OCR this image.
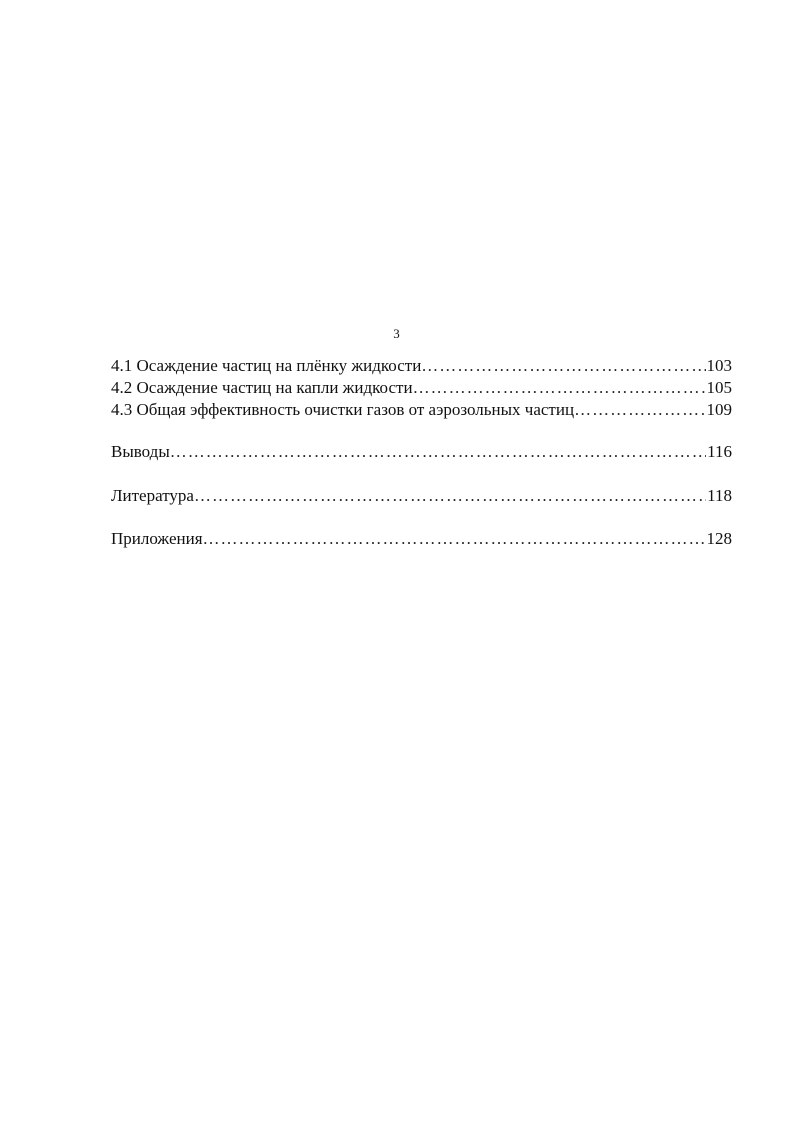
3
4.1 Осаждение частиц на плёнку жидкости …………………………………………………………………………………………………………………………………………………………………………………………	103
4.2 Осаждение частиц на капли жидкости …………………………………………………………………………………………………………………………………………………………………………………………	105
4.3 Общая эффективность очистки газов от аэрозольных частиц …………………………………………………………………………………………………………………………………………………………………………………………	109
Выводы …………………………………………………………………………………………………………………………………………………………………………………………	116
Литература …………………………………………………………………………………………………………………………………………………………………………………………	118
Приложения …………………………………………………………………………………………………………………………………………………………………………………………	128
